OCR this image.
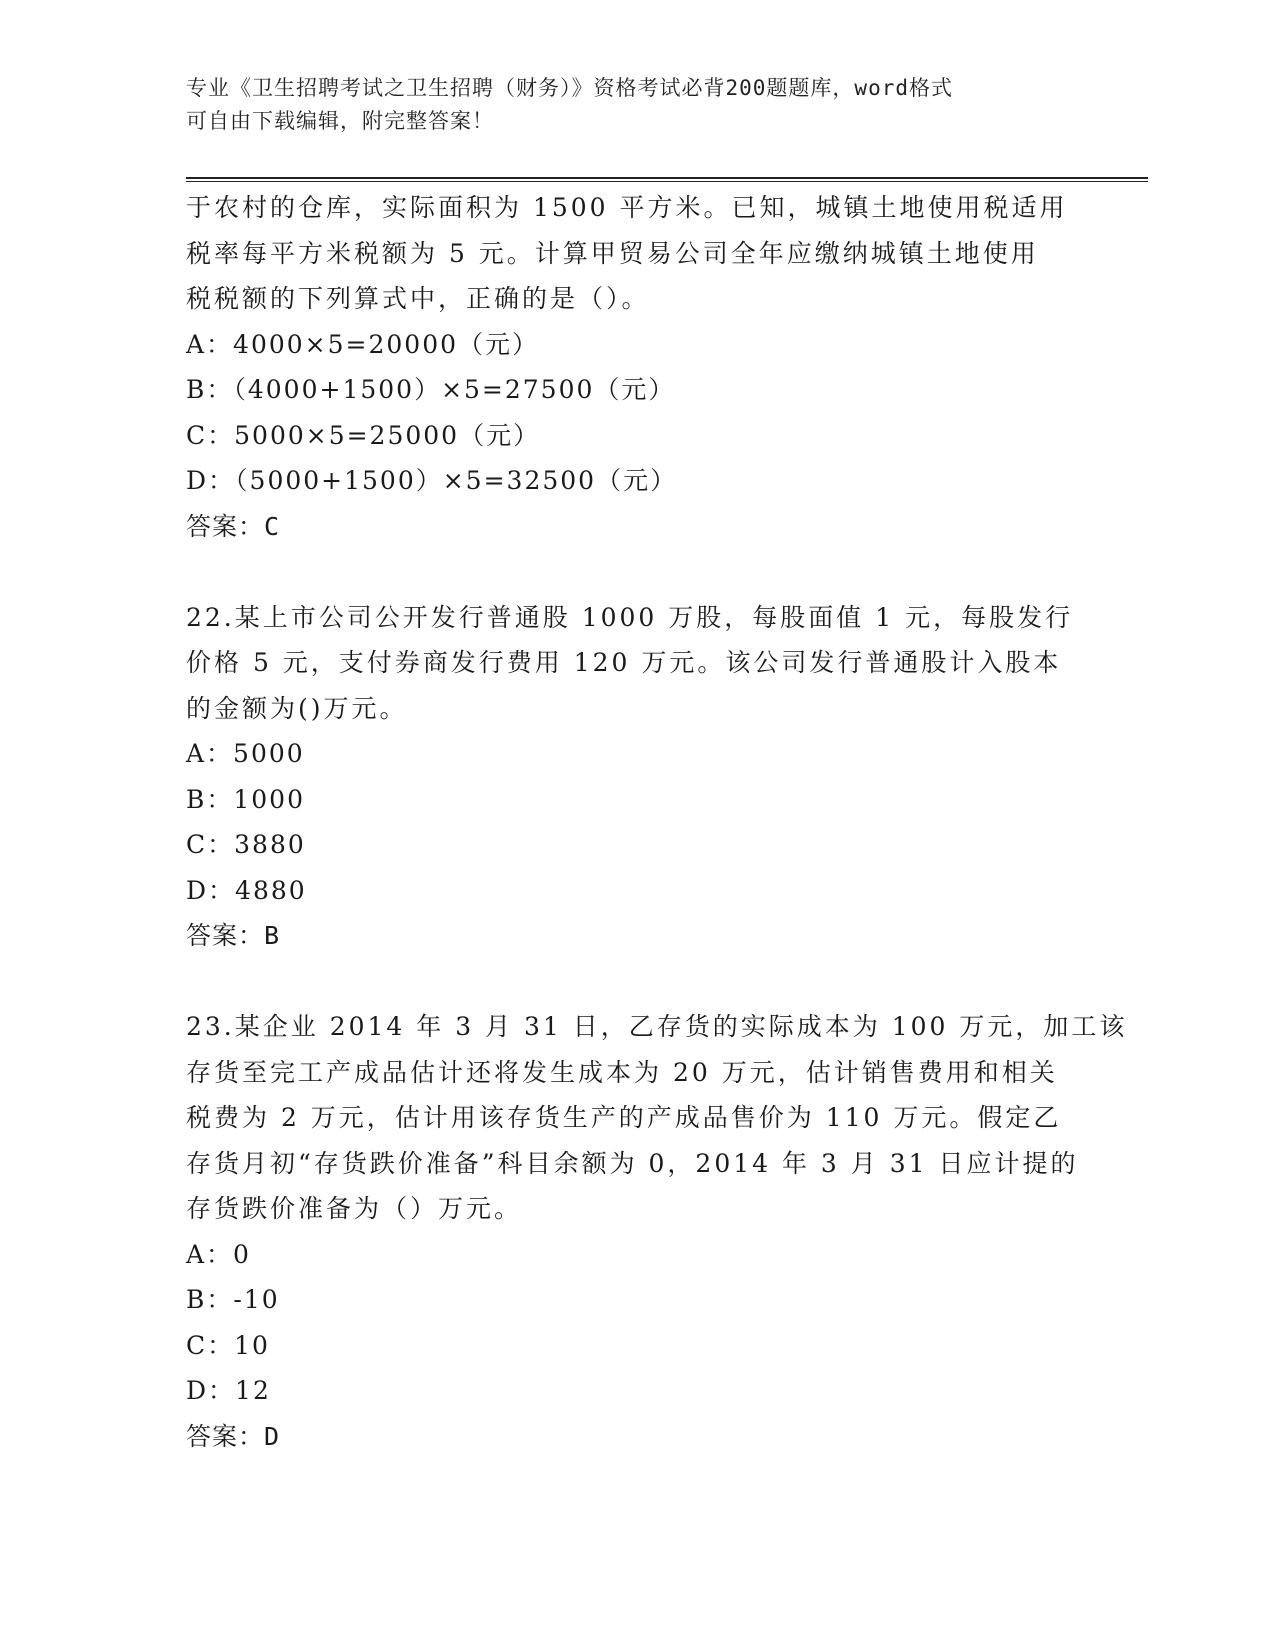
专业《卫生招聘考试之卫生招聘（财务）》资格考试必背200题题库，word格式
可自由下载编辑，附完整答案！
于农村的仓库，实际面积为 1500 平方米。已知，城镇土地使用税适用
税率每平方米税额为 5 元。计算甲贸易公司全年应缴纳城镇土地使用
税税额的下列算式中，正确的是（）。
A：4000×5=20000（元）
B：（4000+1500）×5=27500（元）
C：5000×5=25000（元）
D：（5000+1500）×5=32500（元）
答案：C
22.某上市公司公开发行普通股 1000 万股，每股面值 1 元，每股发行
价格 5 元，支付券商发行费用 120 万元。该公司发行普通股计入股本
的金额为()万元。
A：5000
B：1000
C：3880
D：4880
答案：B
23.某企业 2014 年 3 月 31 日，乙存货的实际成本为 100 万元，加工该
存货至完工产成品估计还将发生成本为 20 万元，估计销售费用和相关
税费为 2 万元，估计用该存货生产的产成品售价为 110 万元。假定乙
存货月初“存货跌价准备”科目余额为 0，2014 年 3 月 31 日应计提的
存货跌价准备为（）万元。
A：0
B：-10
C：10
D：12
答案：D
